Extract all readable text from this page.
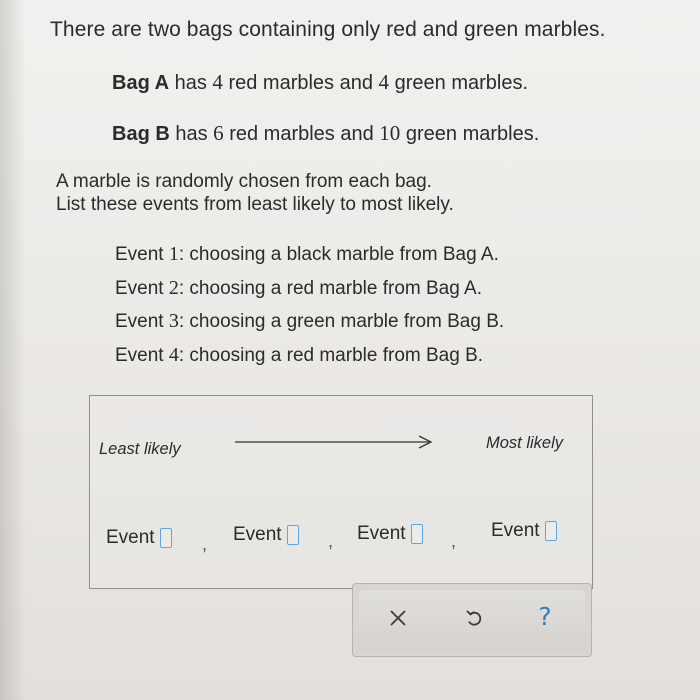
There are two bags containing only red and green marbles.
Bag A has 4 red marbles and 4 green marbles.
Bag B has 6 red marbles and 10 green marbles.
A marble is randomly chosen from each bag.
List these events from least likely to most likely.
Event 1: choosing a black marble from Bag A.
Event 2: choosing a red marble from Bag A.
Event 3: choosing a green marble from Bag B.
Event 4: choosing a red marble from Bag B.
Least likely	Most likely
Event	, Event	, Event	, Event
?
